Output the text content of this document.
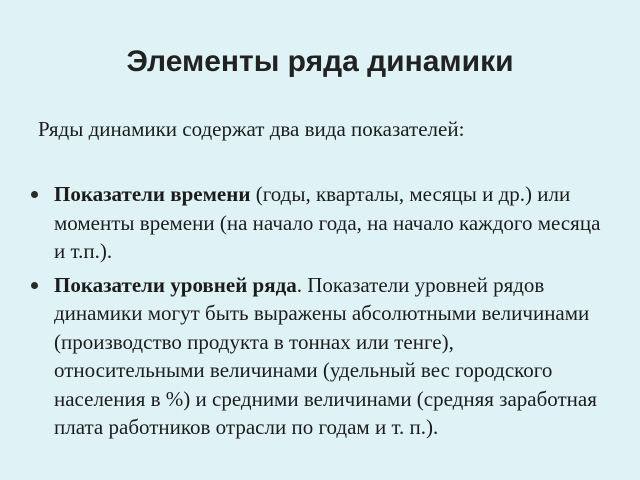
Элементы ряда динамики

Ряды динамики содержат два вида показателей:

Показатели времени (годы, кварталы, месяцы и др.) или моменты времени (на начало года, на начало каждого месяца и т.п.).
Показатели уровней ряда. Показатели уровней рядов динамики могут быть выражены абсолютными величинами (производство продукта в тоннах или тенге), относительными величинами (удельный вес городского населения в %) и средними величинами (средняя заработная плата работников отрасли по годам и т. п.).
